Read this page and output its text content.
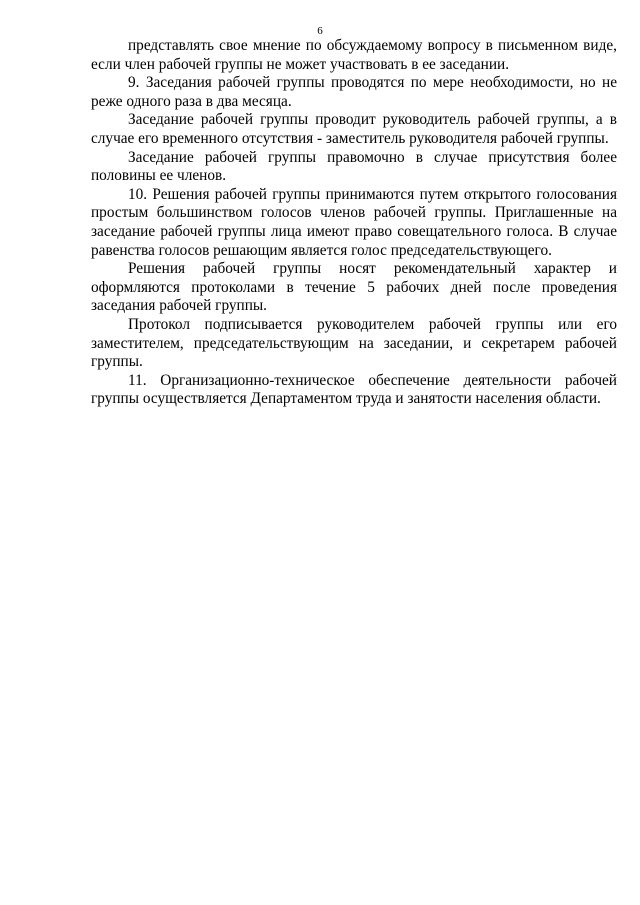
6
представлять свое мнение по обсуждаемому вопросу в письменном виде,
если член рабочей группы не может участвовать в ее заседании.
9. Заседания рабочей группы проводятся по мере необходимости, но не
реже одного раза в два месяца.
Заседание рабочей группы проводит руководитель рабочей группы, а в
случае его временного отсутствия - заместитель руководителя рабочей группы.
Заседание рабочей группы правомочно в случае присутствия более
половины ее членов.
10. Решения рабочей группы принимаются путем открытого голосования
простым большинством голосов членов рабочей группы. Приглашенные на
заседание рабочей группы лица имеют право совещательного голоса. В случае
равенства голосов решающим является голос председательствующего.
Решения рабочей группы носят рекомендательный характер и
оформляются протоколами в течение 5 рабочих дней после проведения
заседания рабочей группы.
Протокол подписывается руководителем рабочей группы или его
заместителем, председательствующим на заседании, и секретарем рабочей
группы.
11. Организационно-техническое обеспечение деятельности рабочей
группы осуществляется Департаментом труда и занятости населения области.
